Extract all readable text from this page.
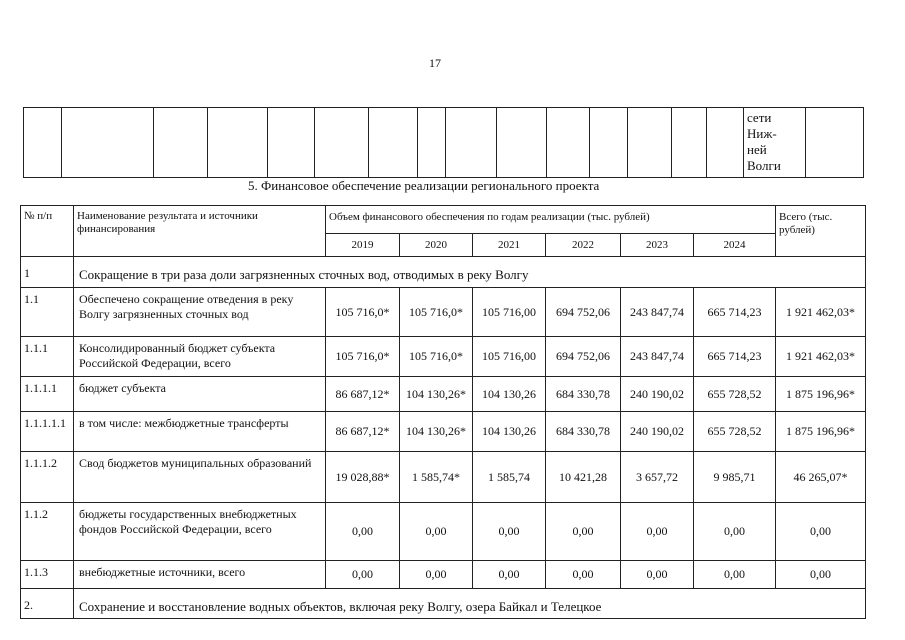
17

сети
Ниж-
ней
Волги

5. Финансовое обеспечение реализации регионального проекта
№ п/п	Наименование результата и источники финансирования	Объем финансового обеспечения по годам реализации (тыс. рублей)						Всего (тыс. рублей)
		2019	2020	2021	2022	2023	2024	
1	Сокращение в три раза доли загрязненных сточных вод, отводимых в реку Волгу							
1.1	Обеспечено сокращение отведения в реку Волгу загрязненных сточных вод	105 716,0*	105 716,0*	105 716,00	694 752,06	243 847,74	665 714,23	1 921 462,03*
1.1.1	Консолидированный бюджет субъекта Российской Федерации, всего	105 716,0*	105 716,0*	105 716,00	694 752,06	243 847,74	665 714,23	1 921 462,03*
1.1.1.1	бюджет субъекта	86 687,12*	104 130,26*	104 130,26	684 330,78	240 190,02	655 728,52	1 875 196,96*
1.1.1.1.1	в том числе: межбюджетные трансферты	86 687,12*	104 130,26*	104 130,26	684 330,78	240 190,02	655 728,52	1 875 196,96*
1.1.1.2	Свод бюджетов муниципальных образований	19 028,88*	1 585,74*	1 585,74	10 421,28	3 657,72	9 985,71	46 265,07*
1.1.2	бюджеты государственных внебюджетных фондов Российской Федерации, всего	0,00	0,00	0,00	0,00	0,00	0,00	0,00
1.1.3	внебюджетные источники, всего	0,00	0,00	0,00	0,00	0,00	0,00	0,00
2.	Сохранение и восстановление водных объектов, включая реку Волгу, озера Байкал и Телецкое							
